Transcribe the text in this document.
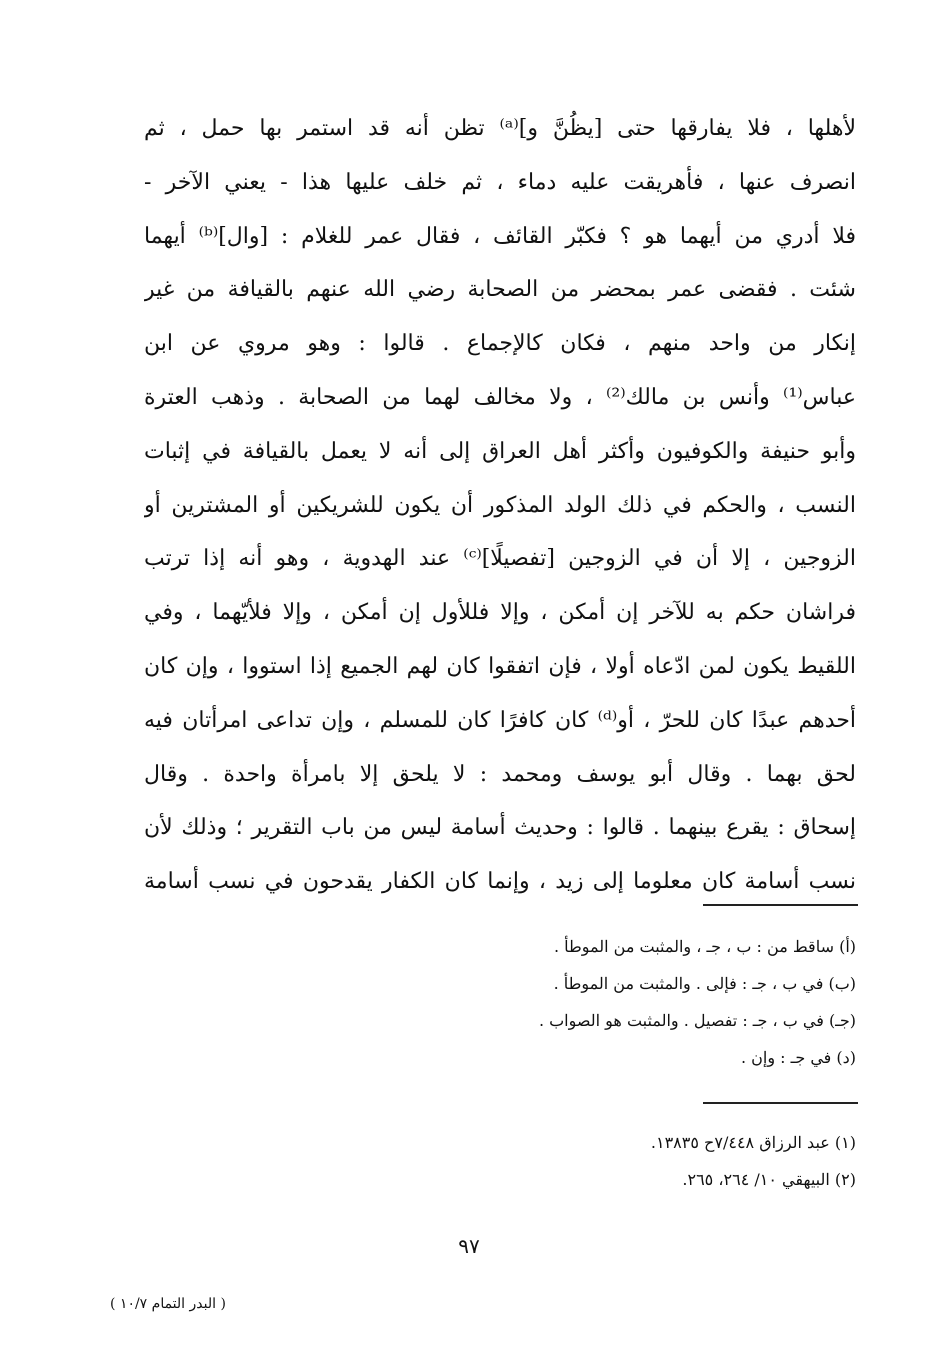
لأهلها ، فلا يفارقها حتى [يظُنَّ و]⁽ᵃ⁾ تظن أنه قد استمر بها حمل ، ثم
انصرف عنها ، فأهريقت عليه دماء ، ثم خلف عليها هذا - يعني الآخر -
فلا أدري من أيهما هو ؟ فكبّر القائف ، فقال عمر للغلام : [وال]⁽ᵇ⁾ أيهما
شئت . فقضى عمر بمحضر من الصحابة رضي الله عنهم بالقيافة من غير
إنكار من واحد منهم ، فكان كالإجماع . قالوا : وهو مروي عن ابن
عباس⁽¹⁾ وأنس بن مالك⁽²⁾ ، ولا مخالف لهما من الصحابة . وذهب العترة
وأبو حنيفة والكوفيون وأكثر أهل العراق إلى أنه لا يعمل بالقيافة في إثبات
النسب ، والحكم في ذلك الولد المذكور أن يكون للشريكين أو المشترين أو
الزوجين ، إلا أن في الزوجين [تفصيلًا]⁽ᶜ⁾ عند الهدوية ، وهو أنه إذا ترتب
فراشان حكم به للآخر إن أمكن ، وإلا فللأول إن أمكن ، وإلا فلأيّهما ، وفي
اللقيط يكون لمن ادّعاه أولا ، فإن اتفقوا كان لهم الجميع إذا استووا ، وإن كان
أحدهم عبدًا كان للحرّ ، أو⁽ᵈ⁾ كان كافرًا كان للمسلم ، وإن تداعى امرأتان فيه
لحق بهما . وقال أبو يوسف ومحمد : لا يلحق إلا بامرأة واحدة . وقال
إسحاق : يقرع بينهما . قالوا : وحديث أسامة ليس من باب التقرير ؛ وذلك لأن
نسب أسامة كان معلوما إلى زيد ، وإنما كان الكفار يقدحون في نسب أسامة
(أ) ساقط من : ب ، جـ ، والمثبت من الموطأ .
(ب) في ب ، جـ : فإلى . والمثبت من الموطأ .
(جـ) في ب ، جـ : تفصيل . والمثبت هو الصواب .
(د) في جـ : وإن .
(١) عبد الرزاق ٧/٤٤٨ح ١٣٨٣٥.
(٢) البيهقي ١٠/ ٢٦٤، ٢٦٥.
٩٧
( البدر التمام ١٠/٧ )
